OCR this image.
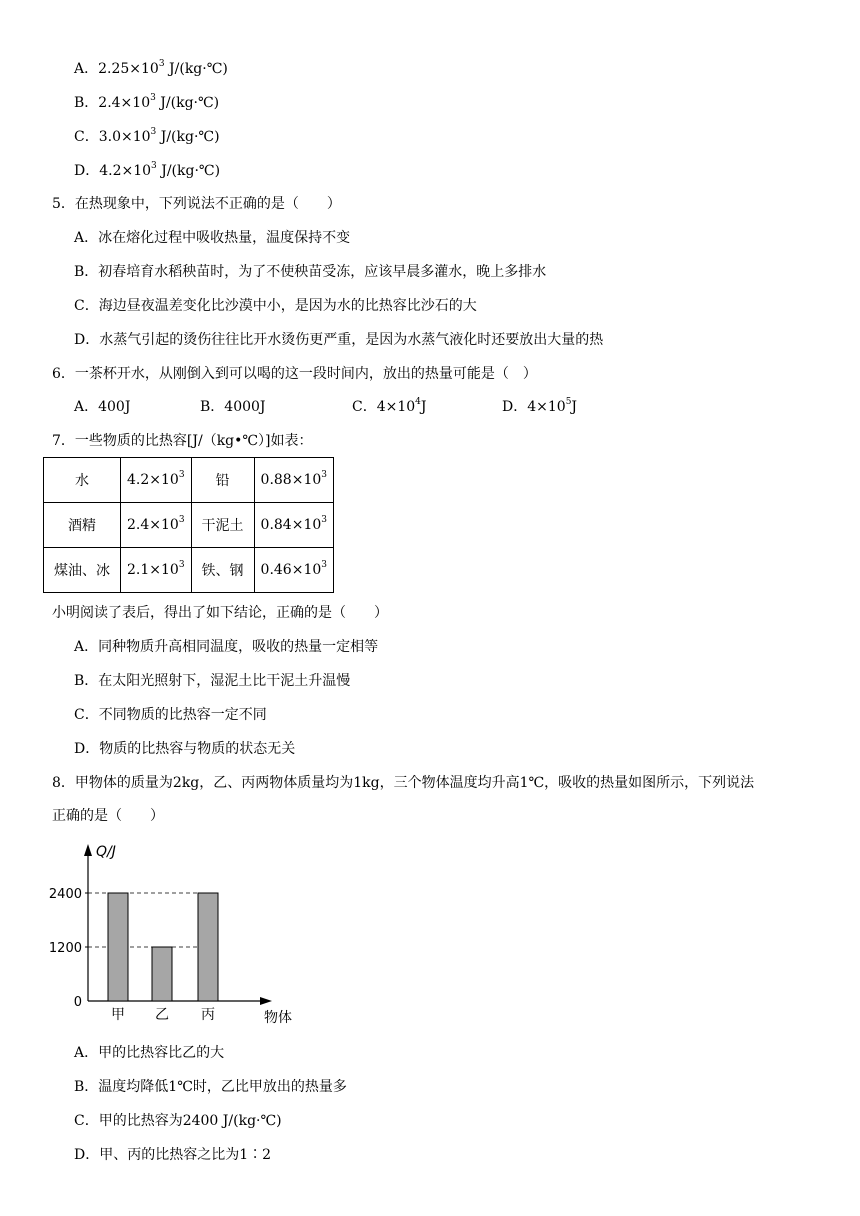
A．$2.25\times 10^3$ J/(kg·℃)
B．$2.4\times 10^3$ J/(kg·℃)
C．$3.0\times 10^3$ J/(kg·℃)
D．$4.2\times 10^3$ J/(kg·℃)
5．在热现象中，下列说法不正确的是（　　）
A．冰在熔化过程中吸收热量，温度保持不变
B．初春培育水稻秧苗时，为了不使秧苗受冻，应该早晨多灌水，晚上多排水
C．海边昼夜温差变化比沙漠中小，是因为水的比热容比沙石的大
D．水蒸气引起的烫伤往往比开水烫伤更严重，是因为水蒸气液化时还要放出大量的热
6．一茶杯开水，从刚倒入到可以喝的这一段时间内，放出的热量可能是（　）
A．400J	B．4000J	C．$4\times 10^4J$	D．$4\times 10^5J$
7．一些物质的比热容[J/（kg•℃）]如表：
水	$4.2\times 10^3$	铅	$0.88\times 10^3$
酒精	$2.4\times 10^3$	干泥土	$0.84\times 10^3$
煤油、冰	$2.1\times 10^3$	铁、钢	$0.46\times 10^3$
小明阅读了表后，得出了如下结论，正确的是（　　）
A．同种物质升高相同温度，吸收的热量一定相等
B．在太阳光照射下，湿泥土比干泥土升温慢
C．不同物质的比热容一定不同
D．物质的比热容与物质的状态无关
8．甲物体的质量为2kg，乙、丙两物体质量均为1kg，三个物体温度均升高1℃，吸收的热量如图所示，下列说法
正确的是（　　）
Q/J
物体
0
1200
2400
甲 乙 丙
A．甲的比热容比乙的大
B．温度均降低1℃时，乙比甲放出的热量多
C．甲的比热容为2400 J/(kg·℃)
D．甲、丙的比热容之比为1∶2
